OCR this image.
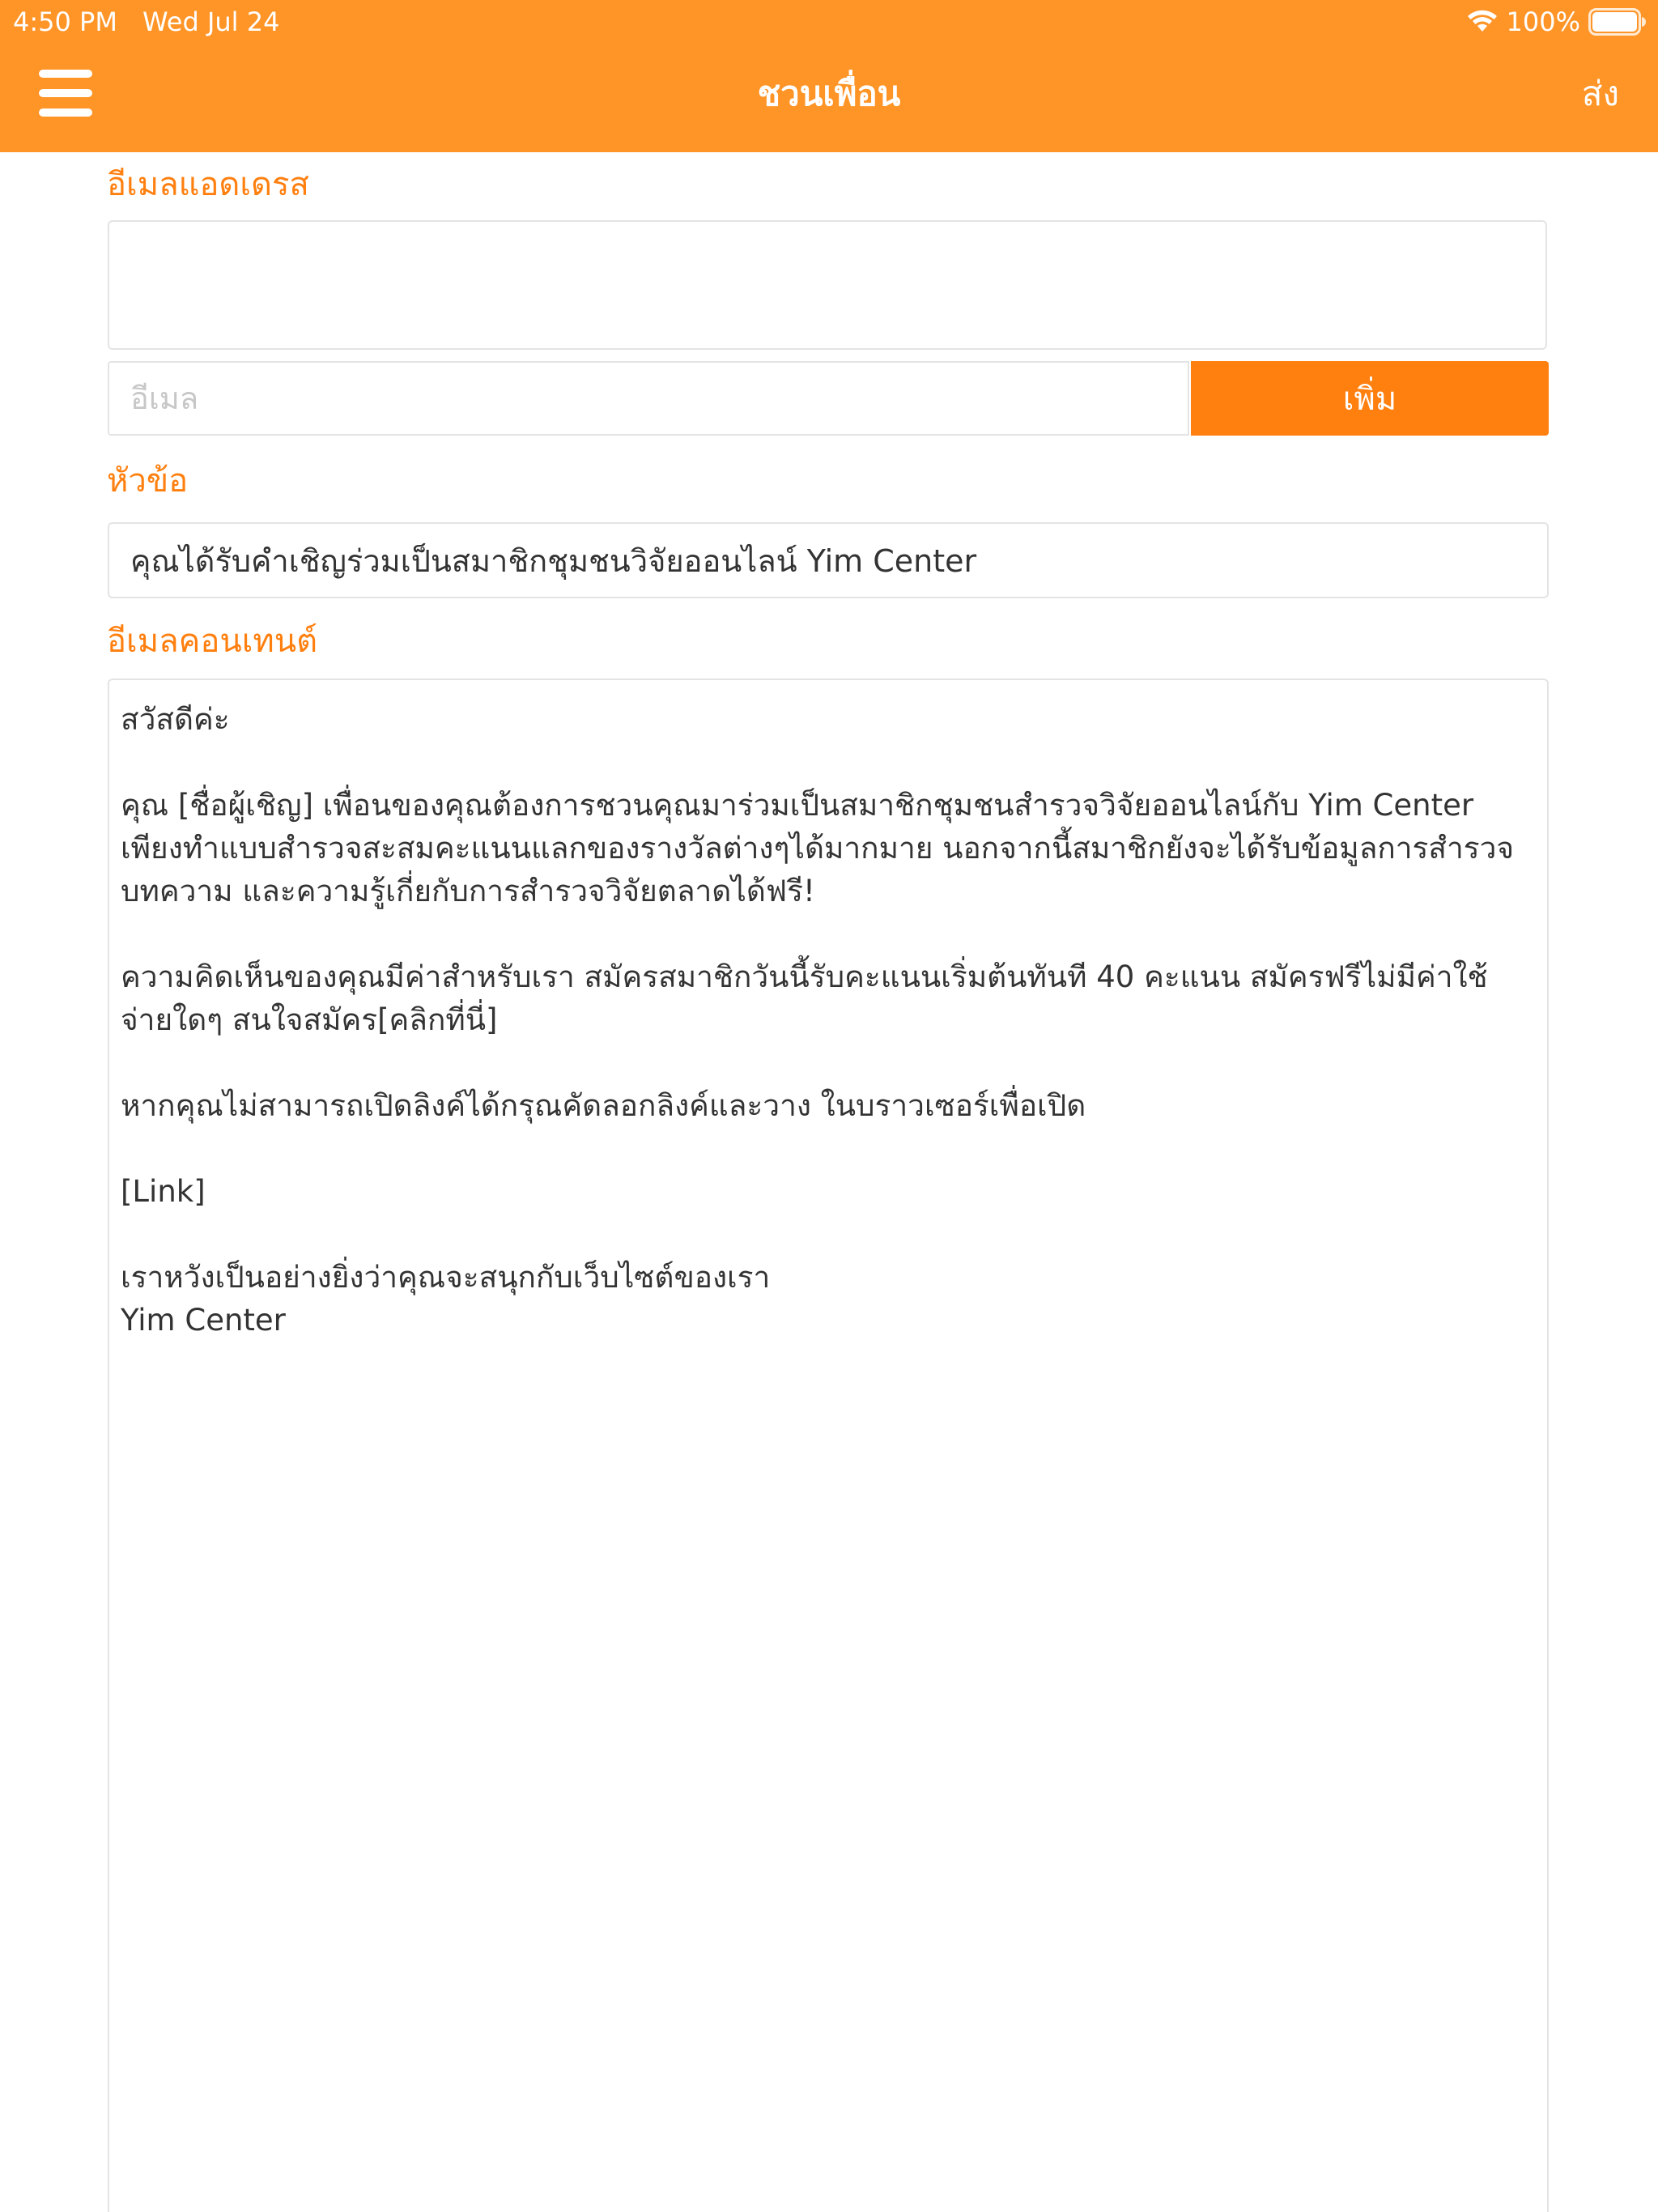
4:50 PM Wed Jul 24	100%
ชวนเพื่อน	ส่ง
อีเมลแอดเดรส
อีเมล
เพิ่ม
หัวข้อ
คุณได้รับคำเชิญร่วมเป็นสมาชิกชุมชนวิจัยออนไลน์ Yim Center
อีเมลคอนเทนต์

สวัสดีค่ะ

คุณ [ชื่อผู้เชิญ] เพื่อนของคุณต้องการชวนคุณมาร่วมเป็นสมาชิกชุมชนสำรวจวิจัยออนไลน์กับ Yim Center เพียงทำแบบสำรวจสะสมคะแนนแลกของรางวัลต่างๆได้มากมาย นอกจากนี้สมาชิกยังจะได้รับข้อมูลการสำรวจ บทความ และความรู้เกี่ยกับการสำรวจวิจัยตลาดได้ฟรี!

ความคิดเห็นของคุณมีค่าสำหรับเรา สมัครสมาชิกวันนี้รับคะแนนเริ่มต้นทันที 40 คะแนน สมัครฟรีไม่มีค่าใช้จ่ายใดๆ สนใจสมัคร[คลิกที่นี่]

หากคุณไม่สามารถเปิดลิงค์ได้กรุณคัดลอกลิงค์และวาง ในบราวเซอร์เพื่อเปิด

[Link]

เราหวังเป็นอย่างยิ่งว่าคุณจะสนุกกับเว็บไซต์ของเรา

Yim Center
